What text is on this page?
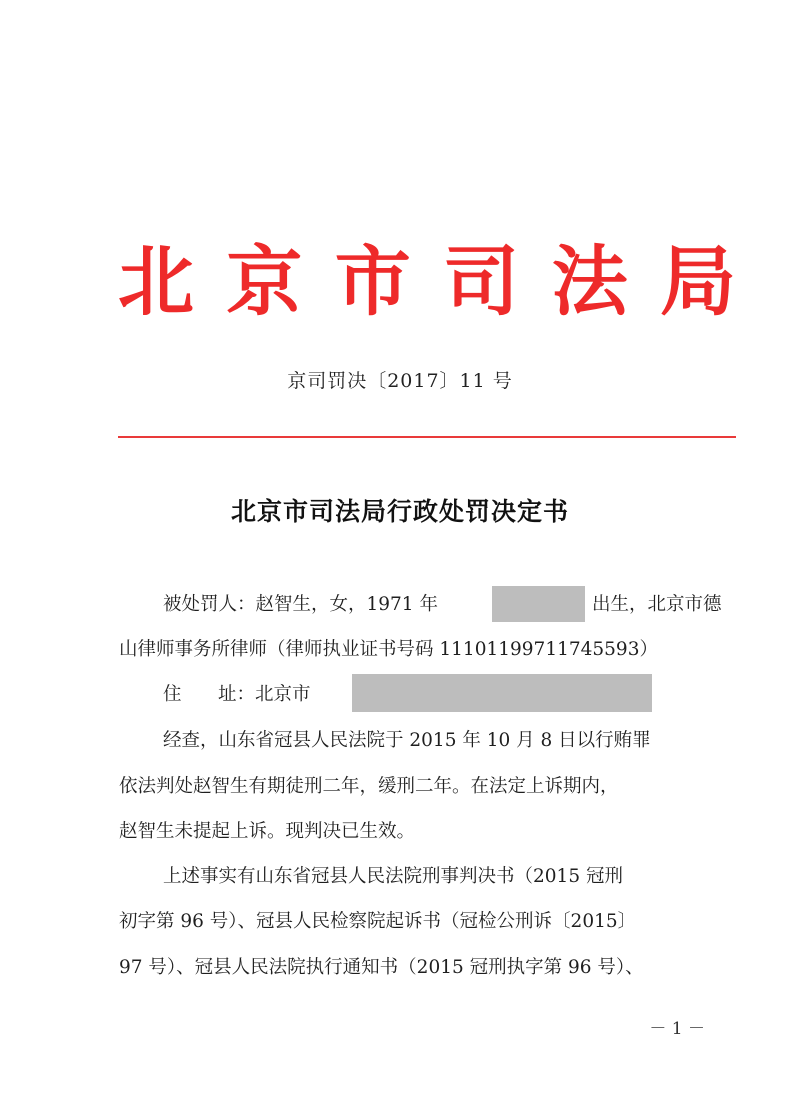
北 京 市 司 法 局
京司罚决〔2017〕11 号
北京市司法局行政处罚决定书
被处罚人：赵智生，女，1971 年	出生，北京市德
山律师事务所律师（律师执业证书号码 11101199711745593）
住 址：北京市
经查，山东省冠县人民法院于 2015 年 10 月 8 日以行贿罪
依法判处赵智生有期徒刑二年，缓刑二年。在法定上诉期内，
赵智生未提起上诉。现判决已生效。
上述事实有山东省冠县人民法院刑事判决书（2015 冠刑
初字第 96 号）、冠县人民检察院起诉书（冠检公刑诉〔2015〕
97 号）、冠县人民法院执行通知书（2015 冠刑执字第 96 号）、
－ 1 －
